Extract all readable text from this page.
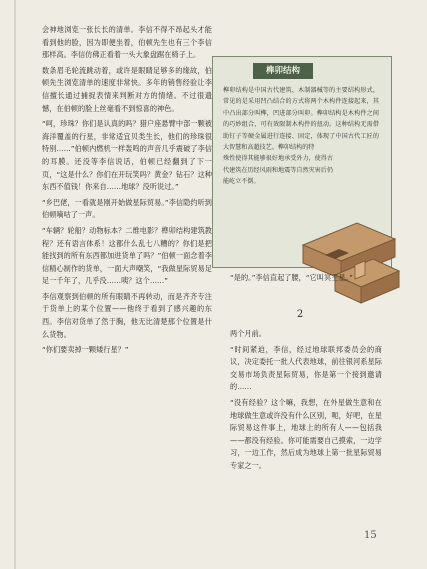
会神地浏览一张长长的清单。李信不得不昂起头才能看到他的脸，因为即便坐着，伯顿先生也有三个李信那样高。李信仿佛正看着一头大象盘踞在椅子上。

数条眉毛轮流跳动着，或许是眼睛足够多的缘故，伯顿先生浏览清单的速度非常快。多年的销售经验让李信擅长通过捕捉表情来判断对方的情绪。不过很遗憾，在伯顿的脸上丝毫看不到惊喜的神色。

“呵，珍珠？你们是认真的吗？猎户座悬臂中部一颗被海洋覆盖的行星，非常适宜贝类生长，他们的珍珠很特别……”伯顿内燃机一样轰鸣的声音几乎震破了李信的耳膜。还没等李信说话，伯顿已经翻到了下一页，“这是什么？你们在开玩笑吗？黄金？钻石？这种东西不值钱！你来自……地球？没听说过。”

“乡巴佬，一看就是刚开始做星际贸易。”李信隐约听到伯顿嘀咕了一声。

“车辆？轮船？动物标本？二维电影？榫卯结构建筑教程？还有语言体系！这都什么乱七八糟的？你们是把能找到的所有东西都加进货单了吗？”伯顿一面念着李信精心制作的货单，一面大声嘲笑，“我做星际贸易足足一千年了，几乎没……咦？这个……”

李信观察到伯顿的所有眼睛不再转动，而是齐齐专注于货单上的某个位置——他终于看到了感兴趣的东西。李信对货单了然于胸，他无比清楚那个位置是什么货物。

“你们要卖掉一颗矮行星？”

榫卯结构
榫卯结构是中国古代建筑、木制器械等的主要结构形式，常见的是采用凹凸结合的方式将两个木构件连接起来，其中凸出部分叫榫，凹进部分叫卯。榫卯结构是木构件之间的巧妙组合，可有效限制木构件的扭动。这种结构无需借助钉子等硬金属进行连接、固定，体现了中国古代工匠的大智慧和高超技艺。榫卯结构的特
殊性使得其能够很好地承受外力，使得古代建筑在历经风雨和地震等自然灾害后仍能屹立不倒。

“是的。”李信直起了腰，“它叫冥王星。”

2

两个月前。

“时间紧迫，李信，经过地球联邦委员会的商议，决定委托一批人代表地球，前往银河系星际交易市场负责星际贸易，你是第一个接到邀请的……

“没有经验？这个嘛，我想，在外星做生意和在地球做生意或许没有什么区别，呃，好吧，在星际贸易这件事上，地球上的所有人——包括我——都没有经验。你可能需要自己摸索，一边学习，一边工作，然后成为地球上第一批星际贸易专家之一。

15
